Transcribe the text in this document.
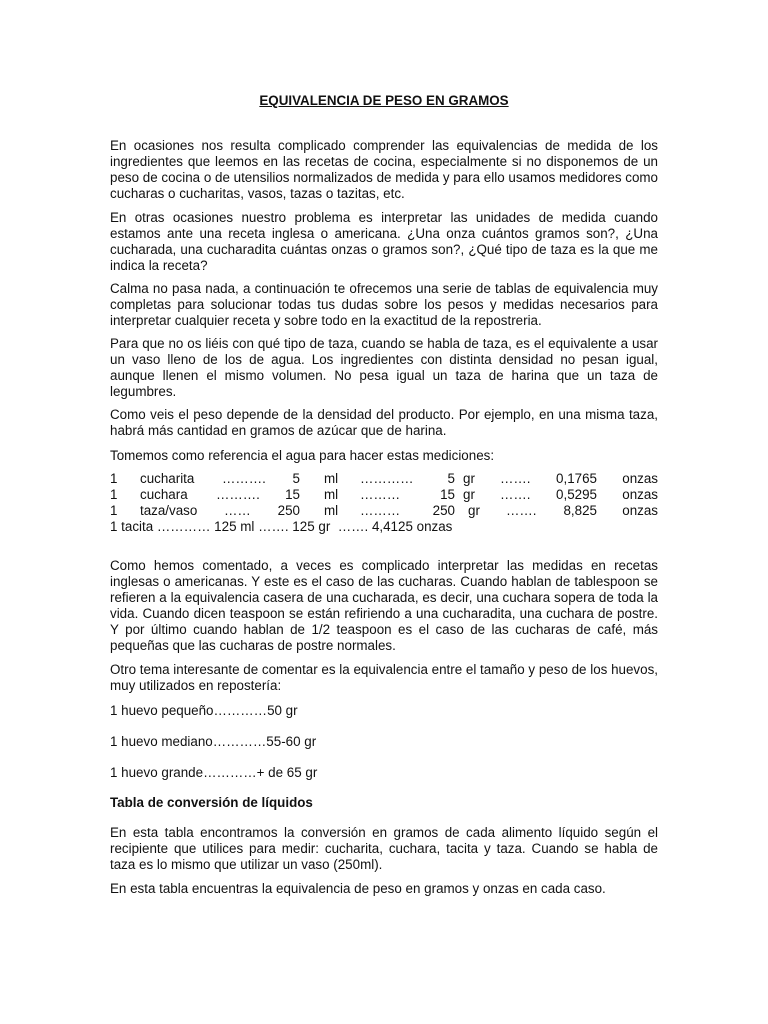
EQUIVALENCIA DE PESO EN GRAMOS

En ocasiones nos resulta complicado comprender las equivalencias de medida de los ingredientes que leemos en las recetas de cocina, especialmente si no disponemos de un peso de cocina o de utensilios normalizados de medida y para ello usamos medidores como cucharas o cucharitas, vasos, tazas o tazitas, etc.

En otras ocasiones nuestro problema es interpretar las unidades de medida cuando estamos ante una receta inglesa o americana. ¿Una onza cuántos gramos son?, ¿Una cucharada, una cucharadita cuántas onzas o gramos son?, ¿Qué tipo de taza es la que me indica la receta?

Calma no pasa nada, a continuación te ofrecemos una serie de tablas de equivalencia muy completas para solucionar todas tus dudas sobre los pesos y medidas necesarios para interpretar cualquier receta y sobre todo en la exactitud de la repostreria.

Para que no os liéis con qué tipo de taza, cuando se habla de taza, es el equivalente a usar un vaso lleno de los de agua. Los ingredientes con distinta densidad no pesan igual, aunque llenen el mismo volumen. No pesa igual un taza de harina que un taza de legumbres.

Como veis el peso depende de la densidad del producto. Por ejemplo, en una misma taza, habrá más cantidad en gramos de azúcar que de harina.

Tomemos como referencia el agua para hacer estas mediciones:

1 cucharita ……….	5 ml …………	5 gr …….	0,1765	onzas
1 cuchara ……….	15 ml ………	15 gr …….	0,5295	onzas
1 taza/vaso ……	250 ml ………	250 gr …….	8,825	onzas

1 tacita ………… 125 ml ……. 125 gr  ……. 4,4125 onzas

Como hemos comentado, a veces es complicado interpretar las medidas en recetas inglesas o americanas. Y este es el caso de las cucharas. Cuando hablan de tablespoon se refieren a la equivalencia casera de una cucharada, es decir, una cuchara sopera de toda la vida. Cuando dicen teaspoon se están refiriendo a una cucharadita, una cuchara de postre. Y por último cuando hablan de 1/2 teaspoon es el caso de las cucharas de café, más pequeñas que las cucharas de postre normales.

Otro tema interesante de comentar es la equivalencia entre el tamaño y peso de los huevos, muy utilizados en repostería:

1 huevo pequeño…………50 gr

1 huevo mediano…………55-60 gr

1 huevo grande…………+ de 65 gr

Tabla de conversión de líquidos

En esta tabla encontramos la conversión en gramos de cada alimento líquido según el recipiente que utilices para medir: cucharita, cuchara, tacita y taza. Cuando se habla de taza es lo mismo que utilizar un vaso (250ml).

En esta tabla encuentras la equivalencia de peso en gramos y onzas en cada caso.
